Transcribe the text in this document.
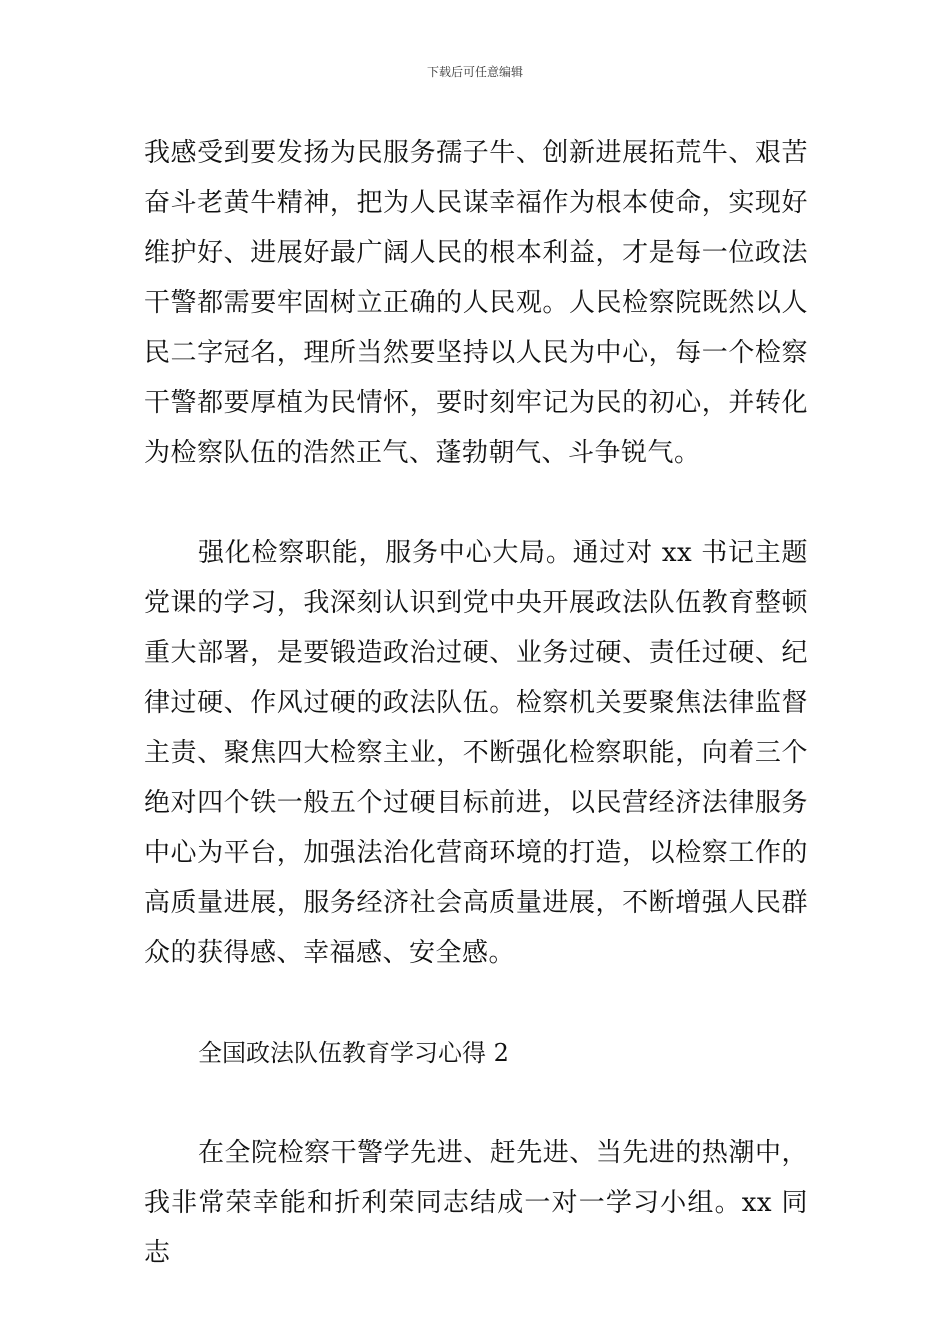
下载后可任意编辑

我感受到要发扬为民服务孺子牛、创新进展拓荒牛、艰苦奋斗老黄牛精神，把为人民谋幸福作为根本使命，实现好维护好、进展好最广阔人民的根本利益，才是每一位政法干警都需要牢固树立正确的人民观。人民检察院既然以人民二字冠名，理所当然要坚持以人民为中心，每一个检察干警都要厚植为民情怀，要时刻牢记为民的初心，并转化为检察队伍的浩然正气、蓬勃朝气、斗争锐气。

强化检察职能，服务中心大局。通过对 xx 书记主题党课的学习，我深刻认识到党中央开展政法队伍教育整顿重大部署，是要锻造政治过硬、业务过硬、责任过硬、纪律过硬、作风过硬的政法队伍。检察机关要聚焦法律监督主责、聚焦四大检察主业，不断强化检察职能，向着三个绝对四个铁一般五个过硬目标前进，以民营经济法律服务中心为平台，加强法治化营商环境的打造，以检察工作的高质量进展，服务经济社会高质量进展，不断增强人民群众的获得感、幸福感、安全感。

全国政法队伍教育学习心得 2

在全院检察干警学先进、赶先进、当先进的热潮中，我非常荣幸能和折利荣同志结成一对一学习小组。xx 同志
